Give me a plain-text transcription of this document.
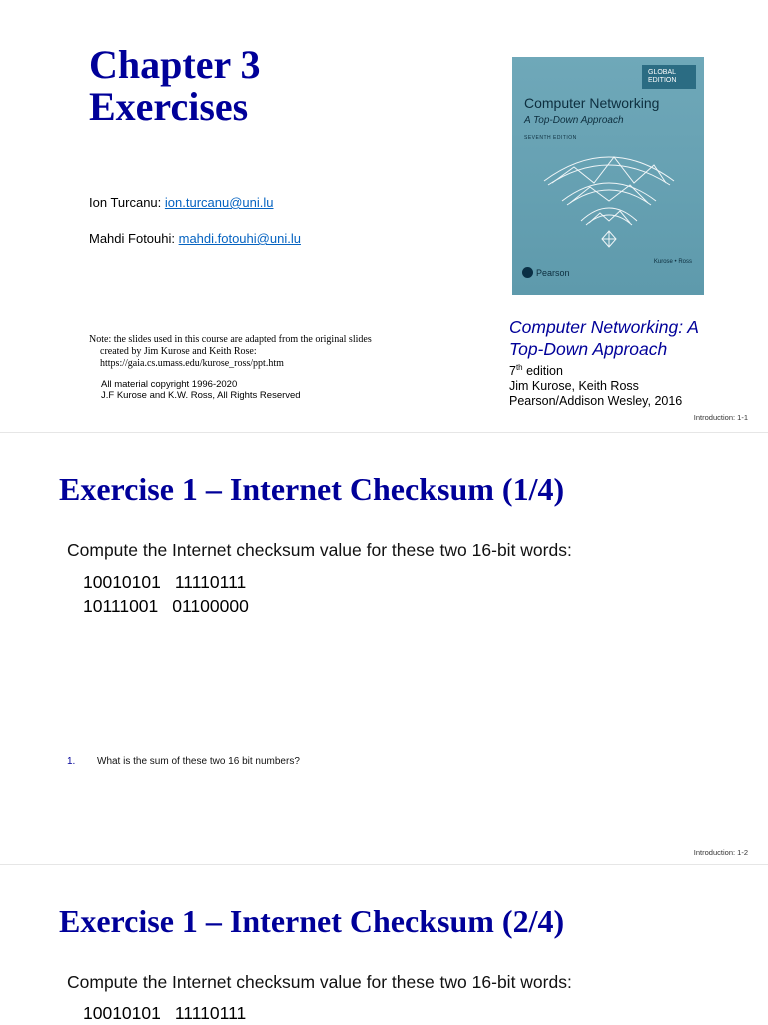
Chapter 3
Exercises
Ion Turcanu: ion.turcanu@uni.lu
Mahdi Fotouhi: mahdi.fotouhi@uni.lu
Note: the slides used in this course are adapted from the original slides
created by Jim Kurose and Keith Rose:
https://gaia.cs.umass.edu/kurose_ross/ppt.htm
All material copyright 1996-2020
J.F Kurose and K.W. Ross, All Rights Reserved
GLOBAL
EDITION
Computer Networking
A Top-Down Approach
SEVENTH EDITION
Kurose • Ross
Pearson
Computer Networking: A
Top-Down Approach
7th edition
Jim Kurose, Keith Ross
Pearson/Addison Wesley, 2016
Introduction: 1-1
Exercise 1 – Internet Checksum (1/4)
Compute the Internet checksum value for these two 16-bit words:
10010101 11110111
10111001 01100000
1. What is the sum of these two 16 bit numbers?
Introduction: 1-2
Exercise 1 – Internet Checksum (2/4)
Compute the Internet checksum value for these two 16-bit words:
10010101 11110111
